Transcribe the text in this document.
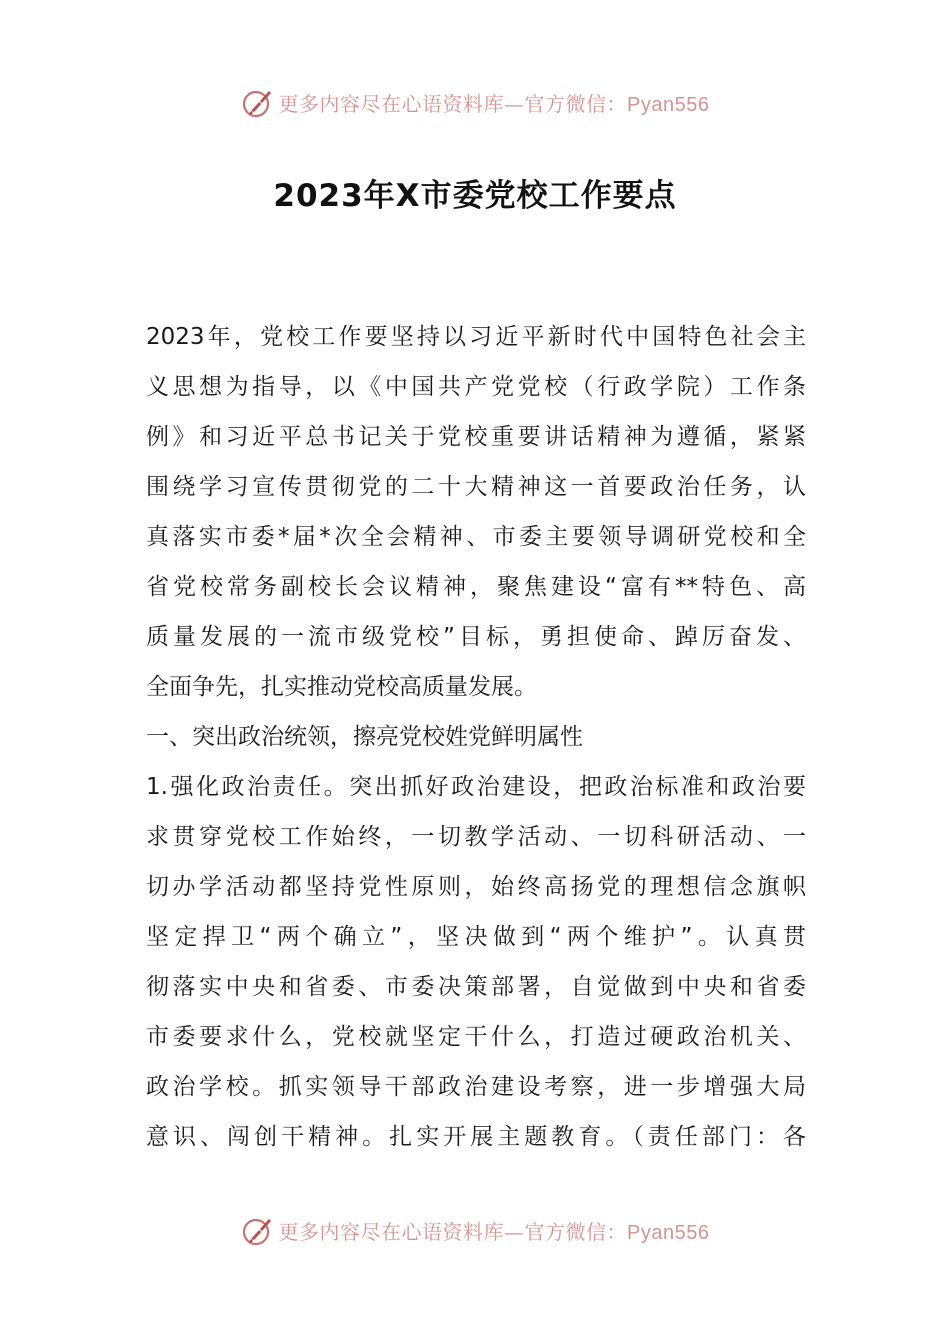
更多内容尽在心语资料库—官方微信：Pyan556
2023年X市委党校工作要点
2023年，党校工作要坚持以习近平新时代中国特色社会主
义思想为指导，以《中国共产党党校（行政学院）工作条
例》和习近平总书记关于党校重要讲话精神为遵循，紧紧
围绕学习宣传贯彻党的二十大精神这一首要政治任务，认
真落实市委*届*次全会精神、市委主要领导调研党校和全
省党校常务副校长会议精神，聚焦建设“富有**特色、高
质量发展的一流市级党校”目标，勇担使命、踔厉奋发、
全面争先，扎实推动党校高质量发展。
一、突出政治统领，擦亮党校姓党鲜明属性
1.强化政治责任。突出抓好政治建设，把政治标准和政治要
求贯穿党校工作始终，一切教学活动、一切科研活动、一
切办学活动都坚持党性原则，始终高扬党的理想信念旗帜
坚定捍卫“两个确立”，坚决做到“两个维护”。认真贯
彻落实中央和省委、市委决策部署，自觉做到中央和省委
市委要求什么，党校就坚定干什么，打造过硬政治机关、
政治学校。抓实领导干部政治建设考察，进一步增强大局
意识、闯创干精神。扎实开展主题教育。（责任部门：各
更多内容尽在心语资料库—官方微信：Pyan556
